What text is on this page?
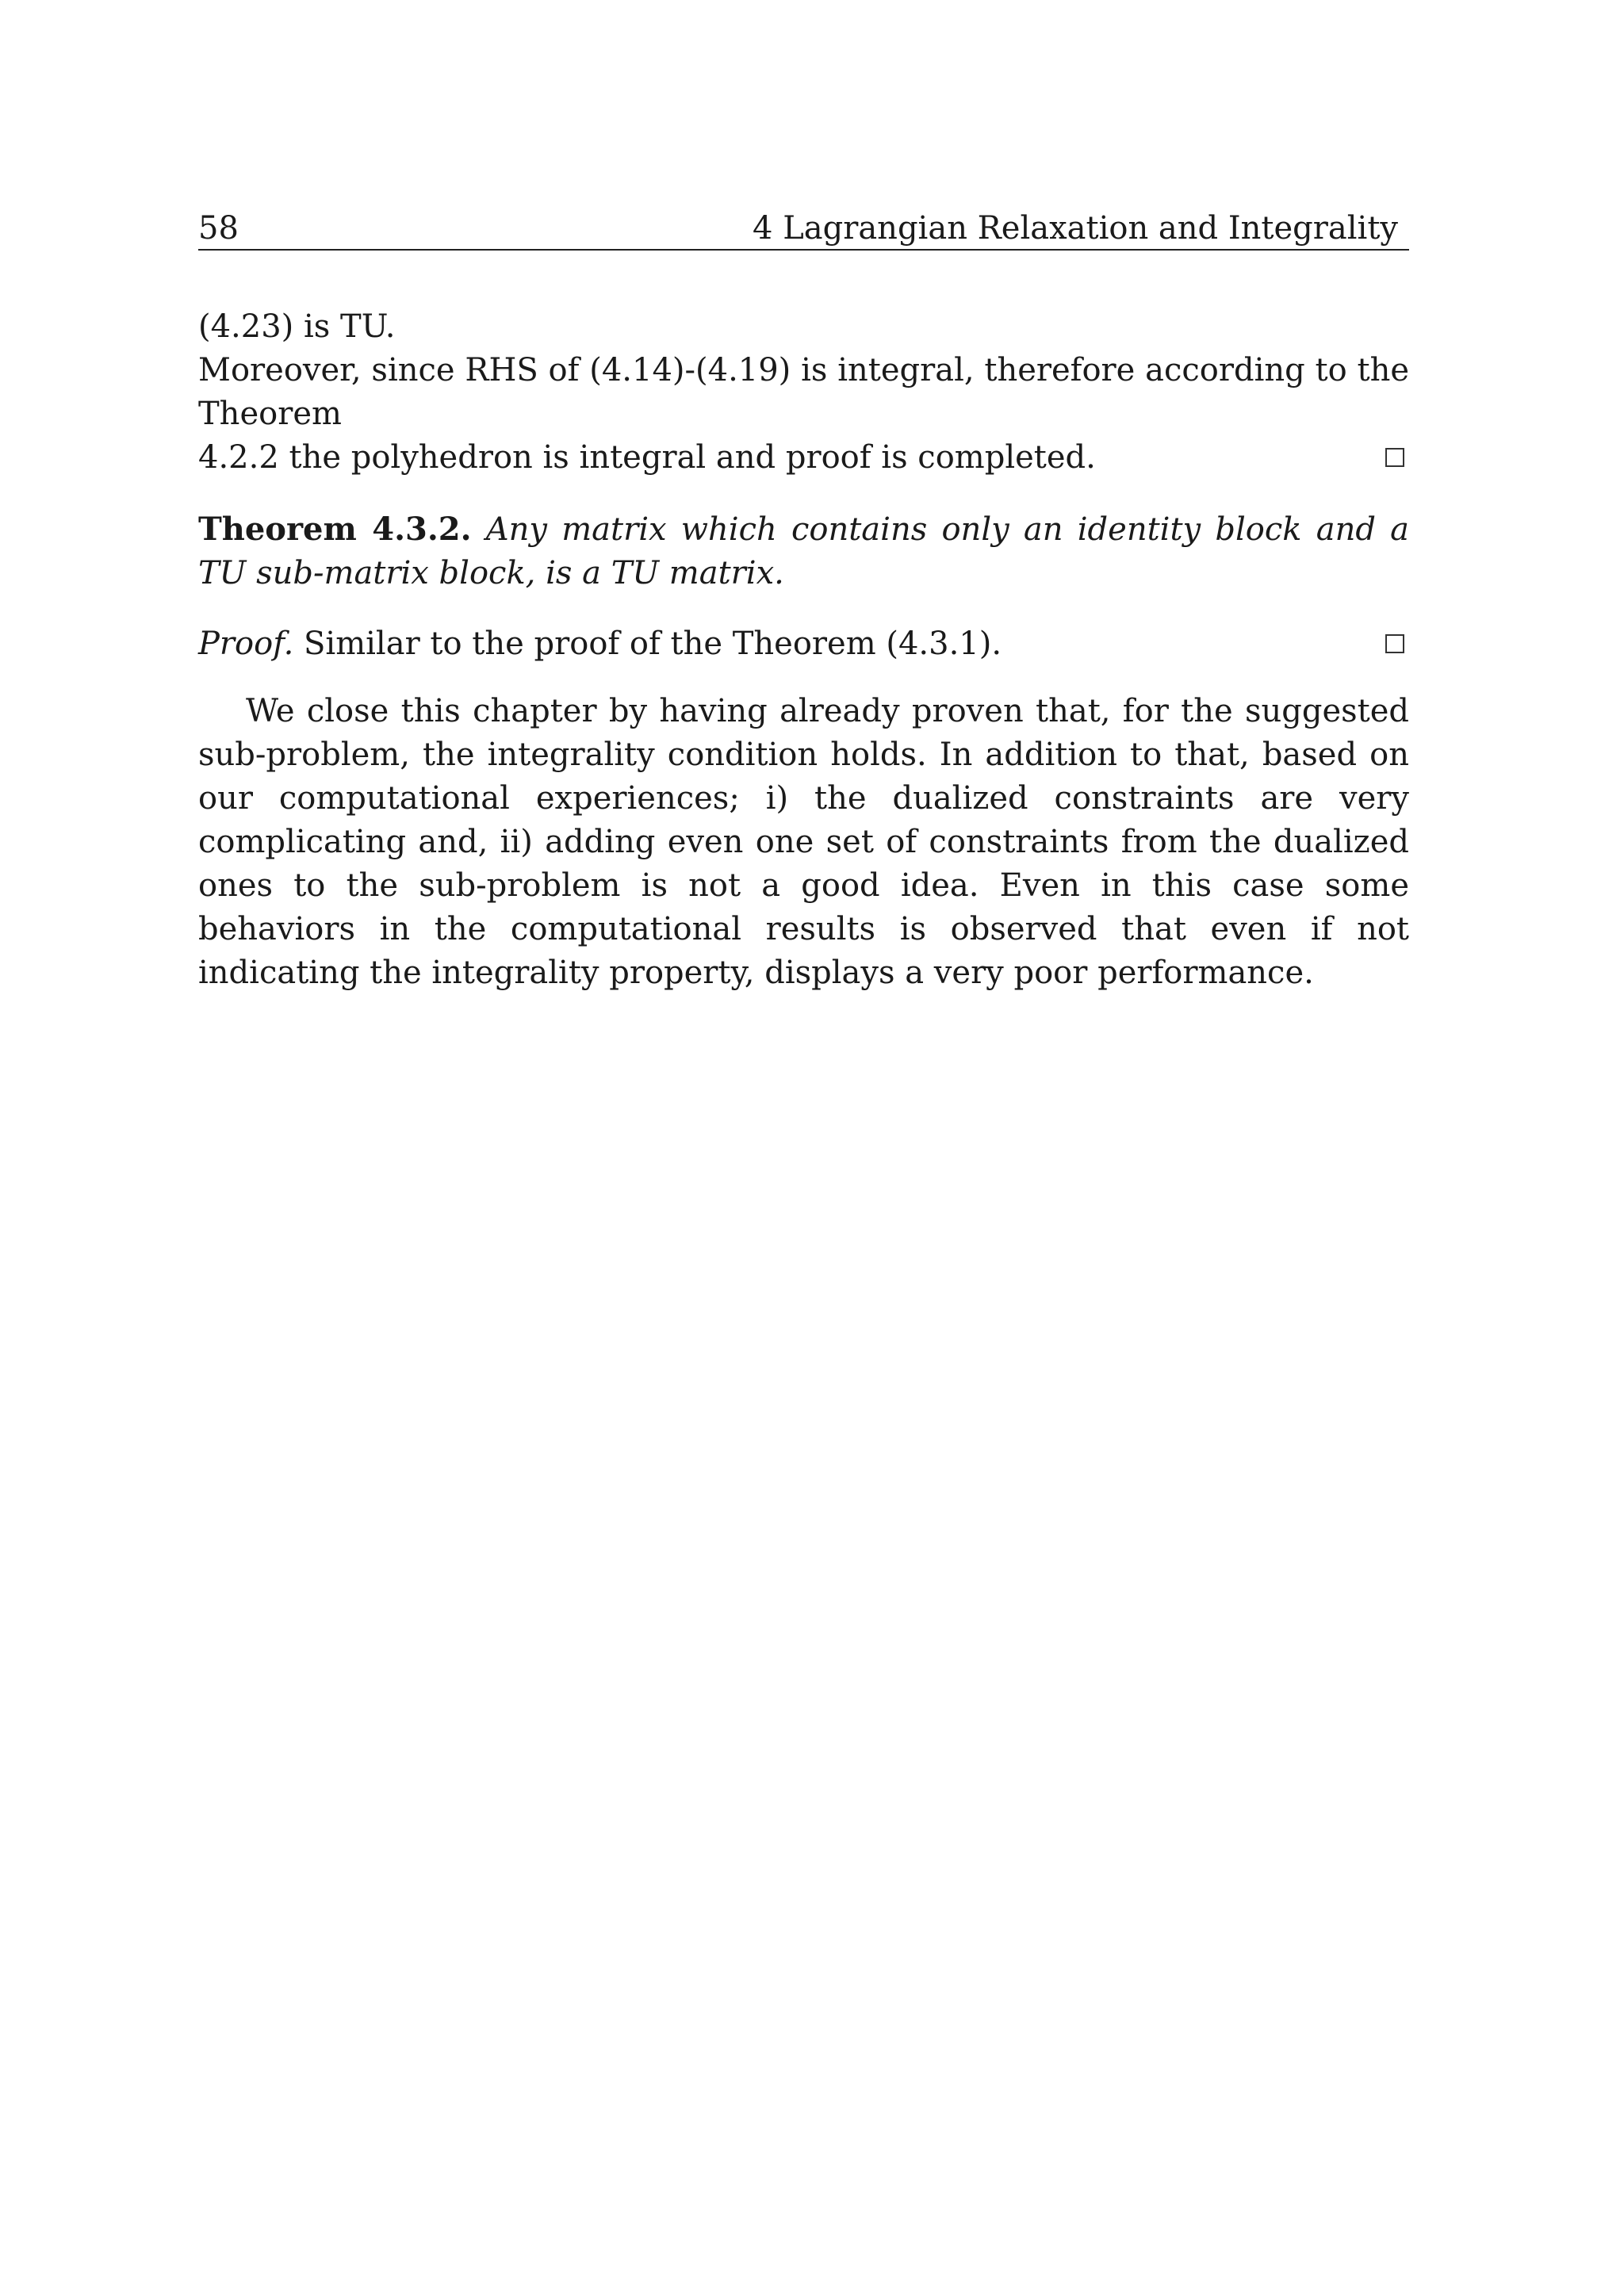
58	4 Lagrangian Relaxation and Integrality
(4.23) is TU.
Moreover, since RHS of (4.14)-(4.19) is integral, therefore according to the Theorem
4.2.2 the polyhedron is integral and proof is completed.
Theorem 4.3.2. Any matrix which contains only an identity block and a TU sub-matrix block, is a TU matrix.
Proof. Similar to the proof of the Theorem (4.3.1).
We close this chapter by having already proven that, for the suggested sub-problem, the integrality condition holds. In addition to that, based on our computational experiences; i) the dualized constraints are very complicating and, ii) adding even one set of constraints from the dualized ones to the sub-problem is not a good idea. Even in this case some behaviors in the computational results is observed that even if not indicating the integrality property, displays a very poor performance.
